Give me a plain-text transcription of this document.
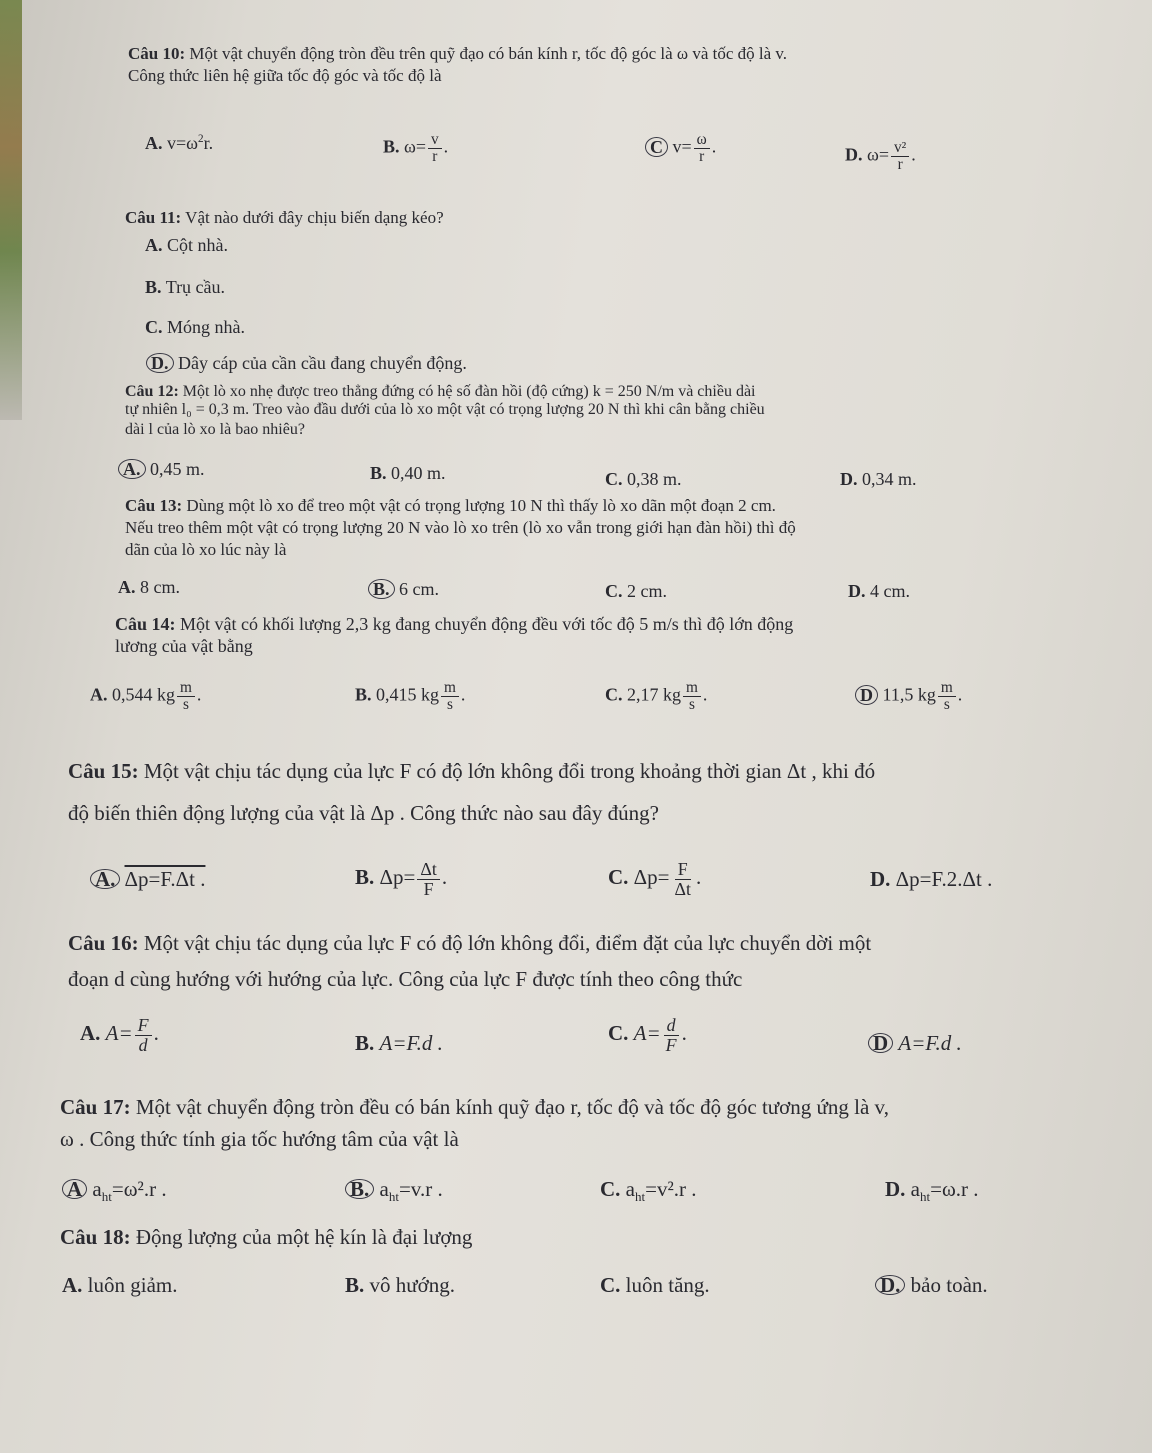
Câu 10: Một vật chuyển động tròn đều trên quỹ đạo có bán kính r, tốc độ góc là ω và tốc độ là v.
Công thức liên hệ giữa tốc độ góc và tốc độ là
A. $v=\omega^2r$.	B. $\omega= \frac{v}{r}$ .	C $v= \frac{\omega}{r}$ .	D. $\omega= \frac{\text{v²}}{r}$ .
Câu 11: Vật nào dưới đây chịu biến dạng kéo?
A. Cột nhà.
B. Trụ cầu.
C. Móng nhà.
D. Dây cáp của cần cầu đang chuyển động.
Câu 12: Một lò xo nhẹ được treo thẳng đứng có hệ số đàn hồi (độ cứng) k = 250 N/m và chiều dài
tự nhiên l₀ = 0,3 m. Treo vào đầu dưới của lò xo một vật có trọng lượng 20 N thì khi cân bằng chiều
dài l của lò xo là bao nhiêu?
A. 0,45 m.	B. 0,40 m.	C. 0,38 m.	D. 0,34 m.
Câu 13: Dùng một lò xo để treo một vật có trọng lượng 10 N thì thấy lò xo dãn một đoạn 2 cm.
Nếu treo thêm một vật có trọng lượng 20 N vào lò xo trên (lò xo vẫn trong giới hạn đàn hồi) thì độ
dãn của lò xo lúc này là
A. 8 cm.	B. 6 cm.	C. 2 cm.	D. 4 cm.
Câu 14: Một vật có khối lượng 2,3 kg đang chuyển động đều với tốc độ 5 m/s thì độ lớn động
lương của vật bằng
A. 0,544 kg $\frac{m}{s}$ .	B. 0,415 kg $\frac{m}{s}$ .	C. 2,17 kg $\frac{m}{s}$ .	D 11,5 kg $\frac{m}{s}$ .
Câu 15: Một vật chịu tác dụng của lực F có độ lớn không đổi trong khoảng thời gian Δt , khi đó
độ biến thiên động lượng của vật là Δp . Công thức nào sau đây đúng?
A. Δp=F.Δt .	B. $\Delta p= \frac{\Delta t}{F}$ .	C. $\Delta p= \frac{F}{\Delta t}$ .	D. Δp=F.2.Δt .
Câu 16: Một vật chịu tác dụng của lực F có độ lớn không đổi, điểm đặt của lực chuyển dời một
đoạn d cùng hướng với hướng của lực. Công của lực F được tính theo công thức
A. $A= \frac{F}{d}$ .	B. A=F.d .	C. $A= \frac{d}{F}$ .	D A=F.d .
Câu 17: Một vật chuyển động tròn đều có bán kính quỹ đạo r, tốc độ và tốc độ góc tương ứng là v,
ω . Công thức tính gia tốc hướng tâm của vật là
A $a_{ht}=\omega^2.r$ .	B. $a_{ht}=v.r$ .	C. $a_{ht}=v^2.r$ .	D. $a_{ht}=\omega.r$ .
Câu 18: Động lượng của một hệ kín là đại lượng
A. luôn giảm.	B. vô hướng.	C. luôn tăng.	D. bảo toàn.
